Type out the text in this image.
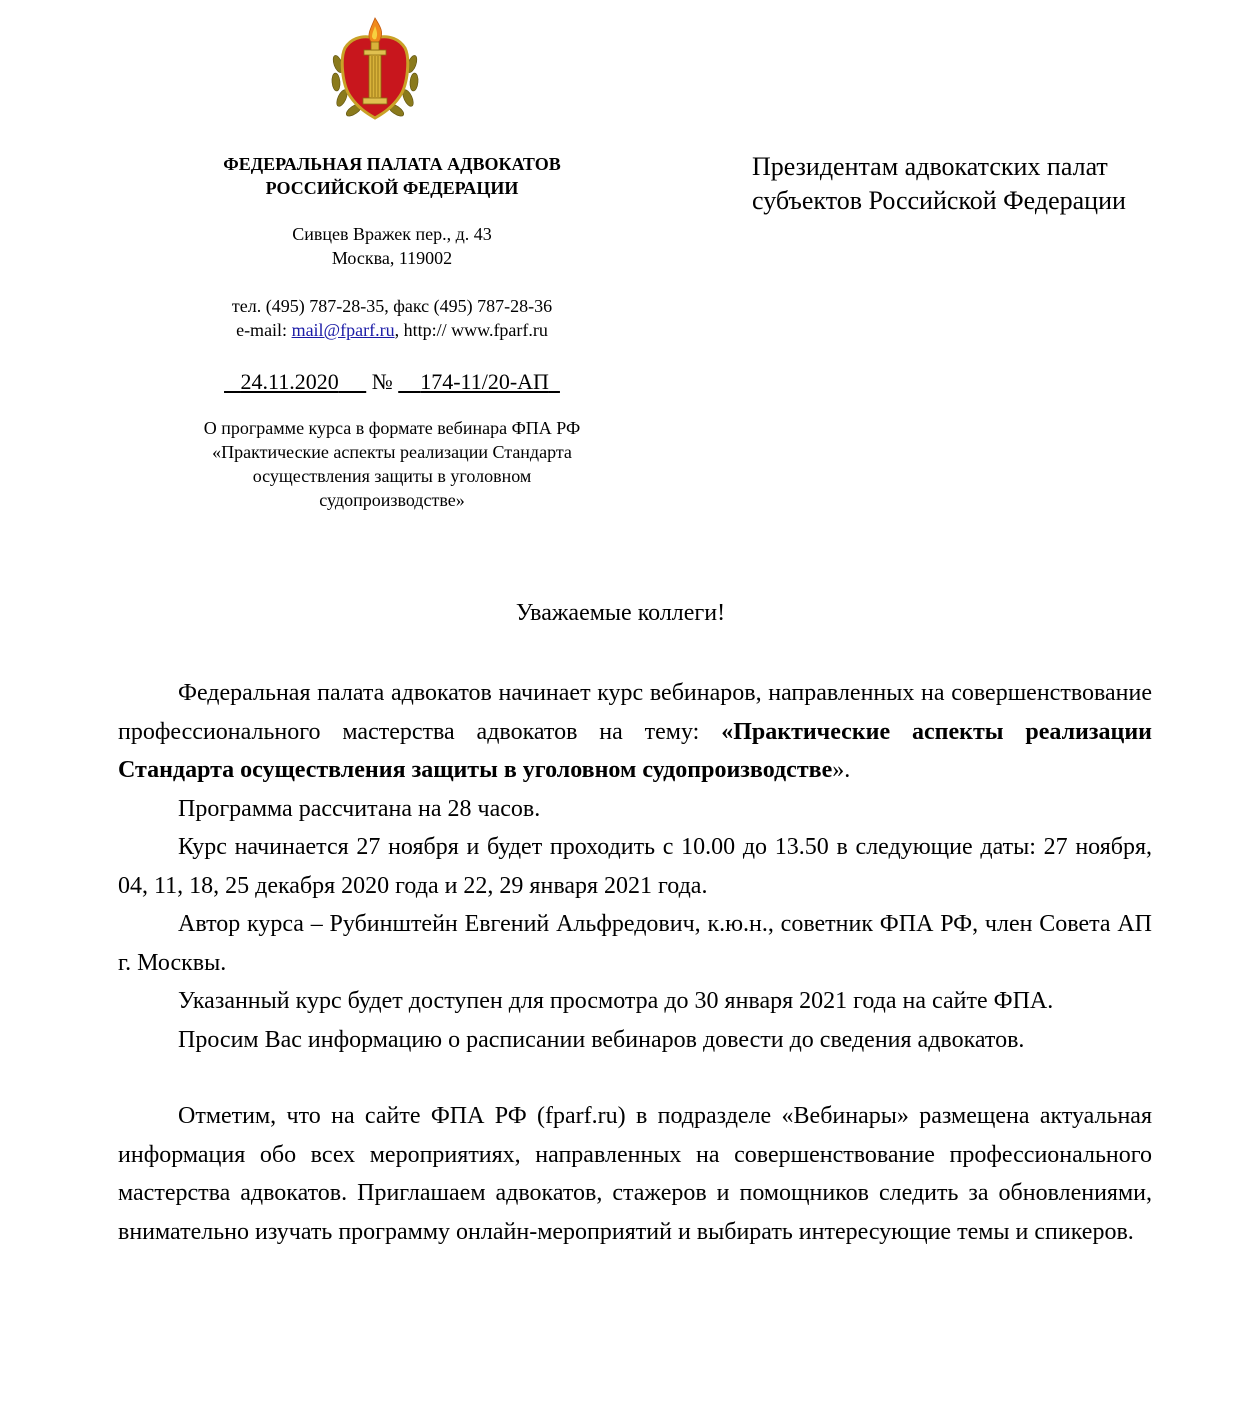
ФЕДЕРАЛЬНАЯ ПАЛАТА АДВОКАТОВ

РОССИЙСКОЙ ФЕДЕРАЦИИ

Сивцев Вражек пер., д. 43

Москва, 119002

тел. (495) 787-28-35, факс (495) 787-28-36

e-mail: mail@fparf.ru, http:// www.fparf.ru

24.11.2020 № 174-11/20-АП
О программе курса в формате вебинара ФПА РФ
«Практические аспекты реализации Стандарта
осуществления защиты в уголовном
судопроизводстве»
Президентам адвокатских палат
субъектов Российской Федерации
Уважаемые коллеги!

Федеральная палата адвокатов начинает курс вебинаров, направленных на совершенствование профессионального мастерства адвокатов на тему: «Практические аспекты реализации Стандарта осуществления защиты в уголовном судопроизводстве».

Программа рассчитана на 28 часов.

Курс начинается 27 ноября и будет проходить с 10.00 до 13.50 в следующие даты: 27 ноября, 04, 11, 18, 25 декабря 2020 года и 22, 29 января 2021 года.

Автор курса – Рубинштейн Евгений Альфредович, к.ю.н., советник ФПА РФ, член Совета АП г. Москвы.

Указанный курс будет доступен для просмотра до 30 января 2021 года на сайте ФПА.

Просим Вас информацию о расписании вебинаров довести до сведения адвокатов.

Отметим, что на сайте ФПА РФ (fparf.ru) в подразделе «Вебинары» размещена актуальная информация обо всех мероприятиях, направленных на совершенствование профессионального мастерства адвокатов. Приглашаем адвокатов, стажеров и помощников следить за обновлениями, внимательно изучать программу онлайн-мероприятий и выбирать интересующие темы и спикеров.
